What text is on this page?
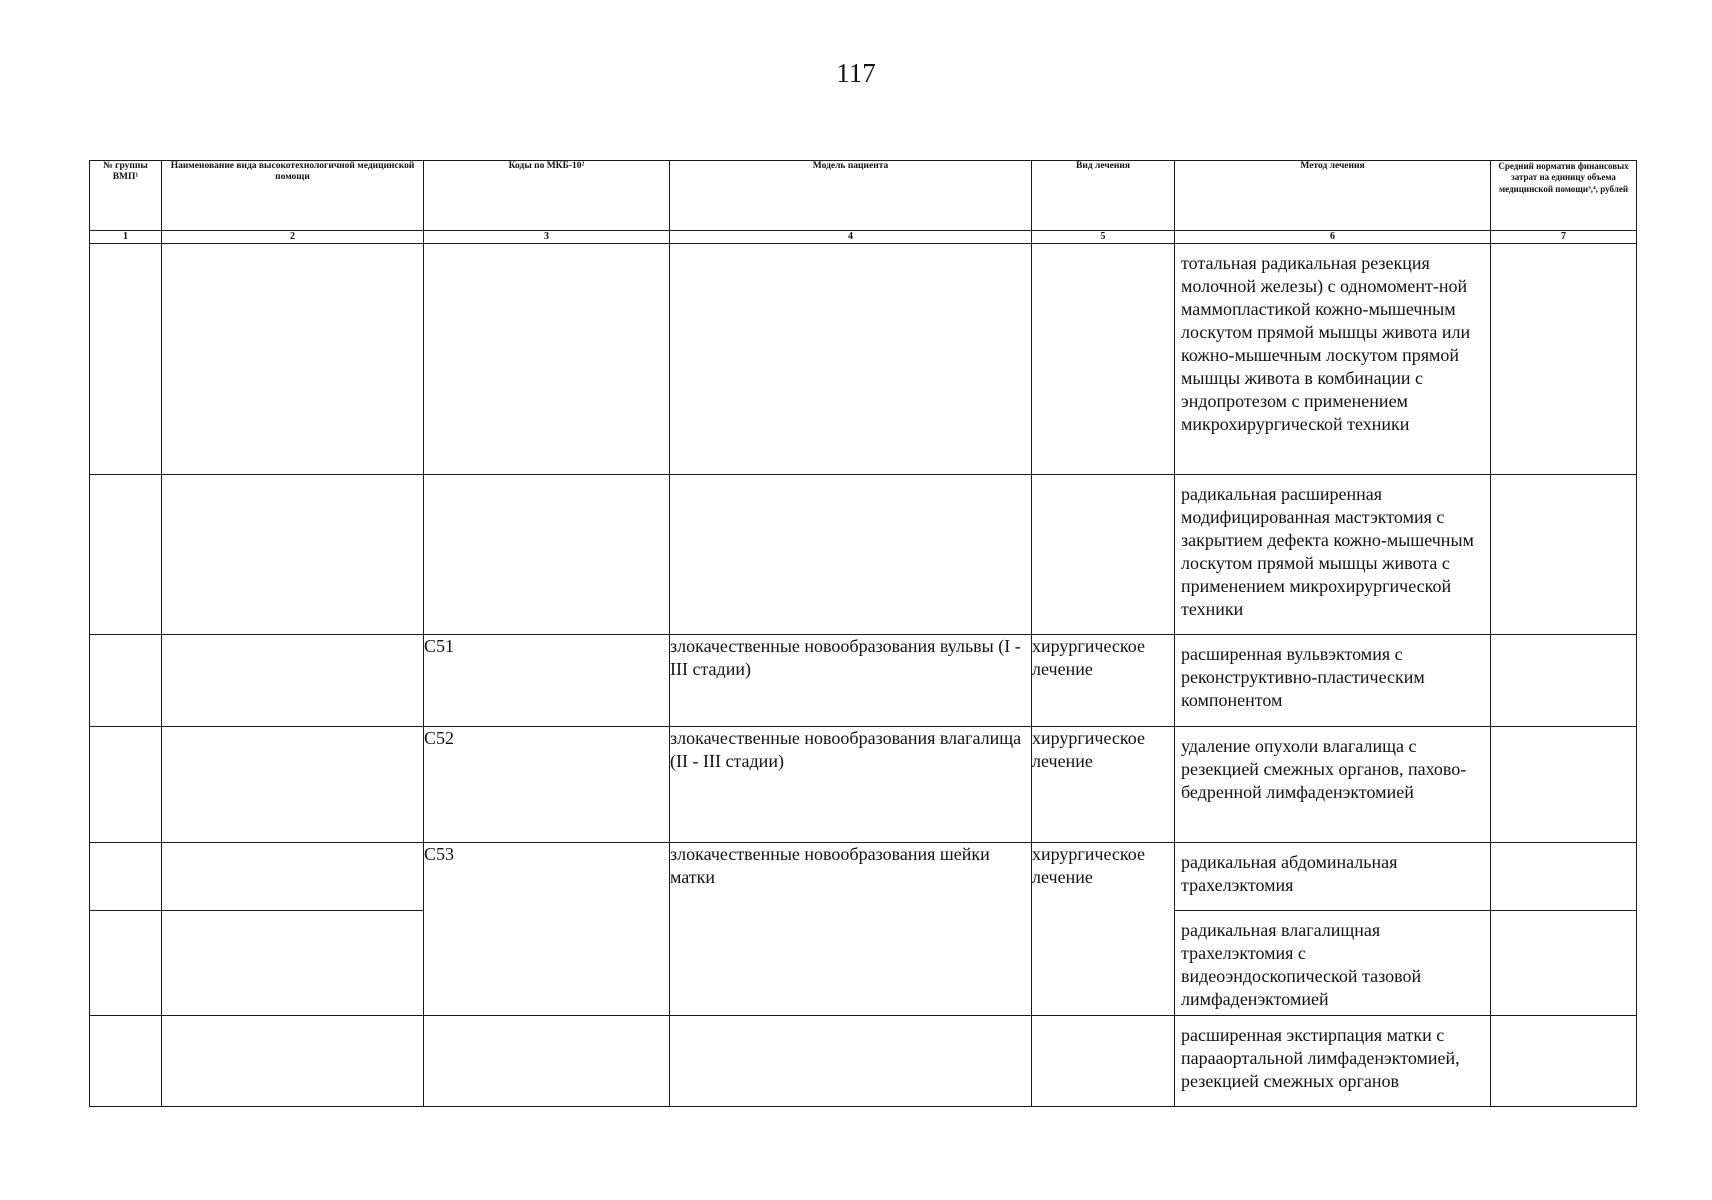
117
№ группы ВМП¹	Наименование вида высокотехнологичной медицинской помощи	Коды по МКБ-10²	Модель пациента	Вид лечения	Метод лечения	Средний норматив финансовых затрат на единицу объема медицинской помощи³,⁴, рублей
1	2	3	4	5	6	7
					тотальная радикальная резекция молочной железы) с одномомент-ной маммопластикой кожно-мышечным лоскутом прямой мышцы живота или кожно-мышечным лоскутом прямой мышцы живота в комбинации с эндопротезом с применением микрохирургической техники	
					радикальная расширенная модифицированная мастэктомия с закрытием дефекта кожно-мышечным лоскутом прямой мышцы живота с применением микрохирургической техники	
		C51	злокачественные новообразования вульвы (I - III стадии)	хирургическое лечение	расширенная вульвэктомия с реконструктивно-пластическим компонентом	
		C52	злокачественные новообразования влагалища (II - III стадии)	хирургическое лечение	удаление опухоли влагалища с резекцией смежных органов, пахово-бедренной лимфаденэктомией	
		C53	злокачественные новообразования шейки матки	хирургическое лечение	радикальная абдоминальная трахелэктомия	
					радикальная влагалищная трахелэктомия с видеоэндоскопической тазовой лимфаденэктомией	
					расширенная экстирпация матки с парааортальной лимфаденэктомией, резекцией смежных органов	
